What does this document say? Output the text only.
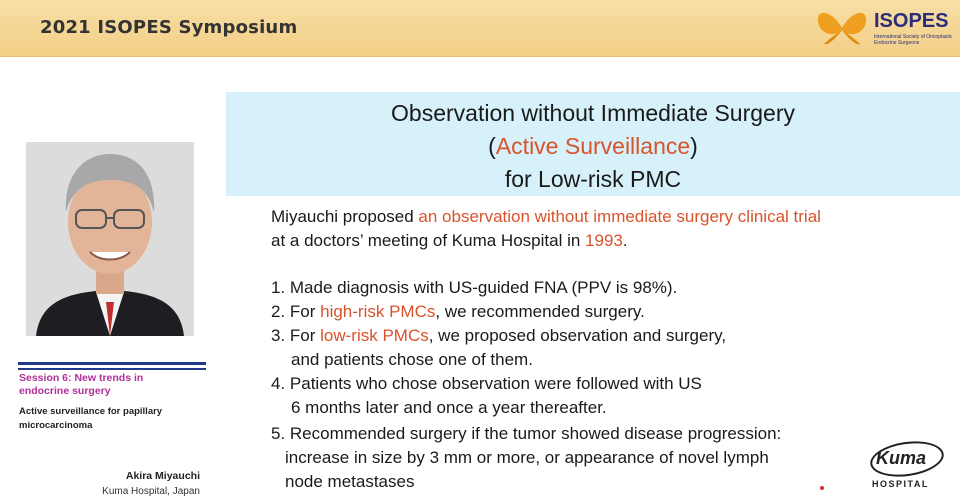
2021 ISOPES Symposium	ISOPES
International Society of Oncoplastic Endocrine Surgeons
Session 6: New trends in
endocrine surgery
Active surveillance for papillary
microcarcinoma
Akira Miyauchi
Kuma Hospital, Japan
Observation without Immediate Surgery
(Active Surveillance)
for Low-risk PMC
Miyauchi proposed an observation without immediate surgery clinical trial
at a doctors’ meeting of Kuma Hospital in 1993.
1. Made diagnosis with US-guided FNA (PPV is 98%).
2. For high-risk PMCs, we recommended surgery.
3. For low-risk PMCs, we proposed observation and surgery,
and patients chose one of them.
4. Patients who chose observation were followed with US
6 months later and once a year thereafter.
5. Recommended surgery if the tumor showed disease progression:
increase in size by 3 mm or more, or appearance of novel lymph
node metastases
Kuma
HOSPITAL
